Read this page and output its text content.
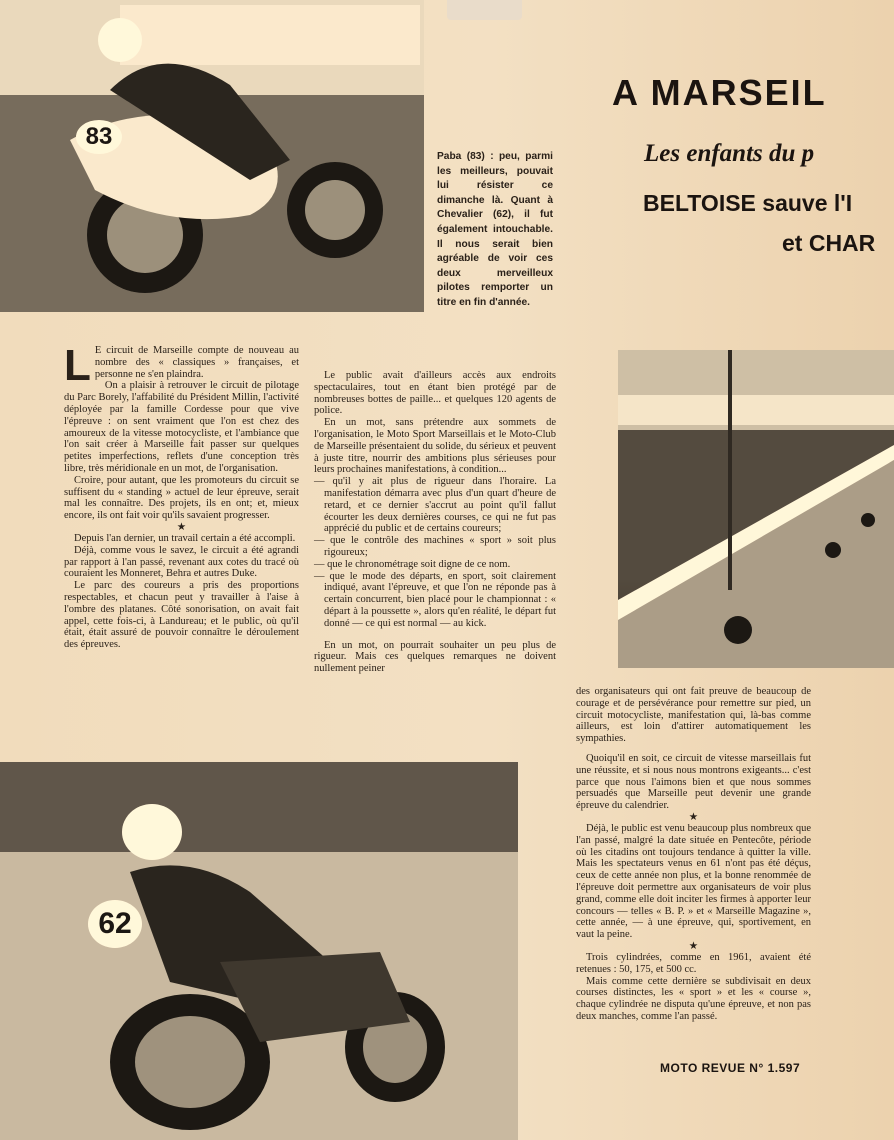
83
A MARSEIL
Les enfants du p
BELTOISE sauve l'I
et CHAR
Paba (83) : peu, parmi les meilleurs, pouvait lui résister ce dimanche là. Quant à Chevalier (62), il fut également intouchable. Il nous serait bien agréable de voir ces deux merveilleux pilotes remporter un titre en fin d'année.
62

L E circuit de Marseille compte de nouveau au nombre des « classiques » françaises, et personne ne s'en plaindra.

On a plaisir à retrouver le circuit de pilotage du Parc Borely, l'affabilité du Président Millin, l'activité déployée par la famille Cordesse pour que vive l'épreuve : on sent vraiment que l'on est chez des amoureux de la vitesse motocycliste, et l'ambiance que l'on sait créer à Marseille fait passer sur quelques petites imperfections, reflets d'une conception très libre, très méridionale en un mot, de l'organisation.

Croire, pour autant, que les promoteurs du circuit se suffisent du « standing » actuel de leur épreuve, serait mal les connaître. Des projets, ils en ont; et, mieux encore, ils ont fait voir qu'ils savaient progresser.

★

Depuis l'an dernier, un travail certain a été accompli.

Déjà, comme vous le savez, le circuit a été agrandi par rapport à l'an passé, revenant aux cotes du tracé où couraient les Monneret, Behra et autres Duke.

Le parc des coureurs a pris des proportions respectables, et chacun peut y travailler à l'aise à l'ombre des platanes. Côté sonorisation, on avait fait appel, cette fois-ci, à Landureau; et le public, où qu'il était, était assuré de pouvoir connaître le déroulement des épreuves.

Le public avait d'ailleurs accès aux endroits spectaculaires, tout en étant bien protégé par de nombreuses bottes de paille... et quelques 120 agents de police.

En un mot, sans prétendre aux sommets de l'organisation, le Moto Sport Marseillais et le Moto-Club de Marseille présentaient du solide, du sérieux et peuvent à juste titre, nourrir des ambitions plus sérieuses pour leurs prochaines manifestations, à condition...

— qu'il y ait plus de rigueur dans l'horaire. La manifestation démarra avec plus d'un quart d'heure de retard, et ce dernier s'accrut au point qu'il fallut écourter les deux dernières courses, ce qui ne fut pas apprécié du public et de certains coureurs;
— que le contrôle des machines « sport » soit plus rigoureux;
— que le chronométrage soit digne de ce nom.
— que le mode des départs, en sport, soit clairement indiqué, avant l'épreuve, et que l'on ne réponde pas à certain concurrent, bien placé pour le championnat : « départ à la poussette », alors qu'en réalité, le départ fut donné — ce qui est normal — au kick.

En un mot, on pourrait souhaiter un peu plus de rigueur. Mais ces quelques remarques ne doivent nullement peiner

des organisateurs qui ont fait preuve de beaucoup de courage et de persévérance pour remettre sur pied, un circuit motocycliste, manifestation qui, là-bas comme ailleurs, est loin d'attirer automatiquement les sympathies.

Quoiqu'il en soit, ce circuit de vitesse marseillais fut une réussite, et si nous nous montrons exigeants... c'est parce que nous l'aimons bien et que nous sommes persuadés que Marseille peut devenir une grande épreuve du calendrier.

★

Déjà, le public est venu beaucoup plus nombreux que l'an passé, malgré la date située en Pentecôte, période où les citadins ont toujours tendance à quitter la ville. Mais les spectateurs venus en 61 n'ont pas été déçus, ceux de cette année non plus, et la bonne renommée de l'épreuve doit permettre aux organisateurs de voir plus grand, comme elle doit inciter les firmes à apporter leur concours — telles « B. P. » et « Marseille Magazine », cette année, — à une épreuve, qui, sportivement, en vaut la peine.

★

Trois cylindrées, comme en 1961, avaient été retenues : 50, 175, et 500 cc.

Mais comme cette dernière se subdivisait en deux courses distinctes, les « sport » et les « course », chaque cylindrée ne disputa qu'une épreuve, et non pas deux manches, comme l'an passé.

MOTO REVUE N° 1.597
